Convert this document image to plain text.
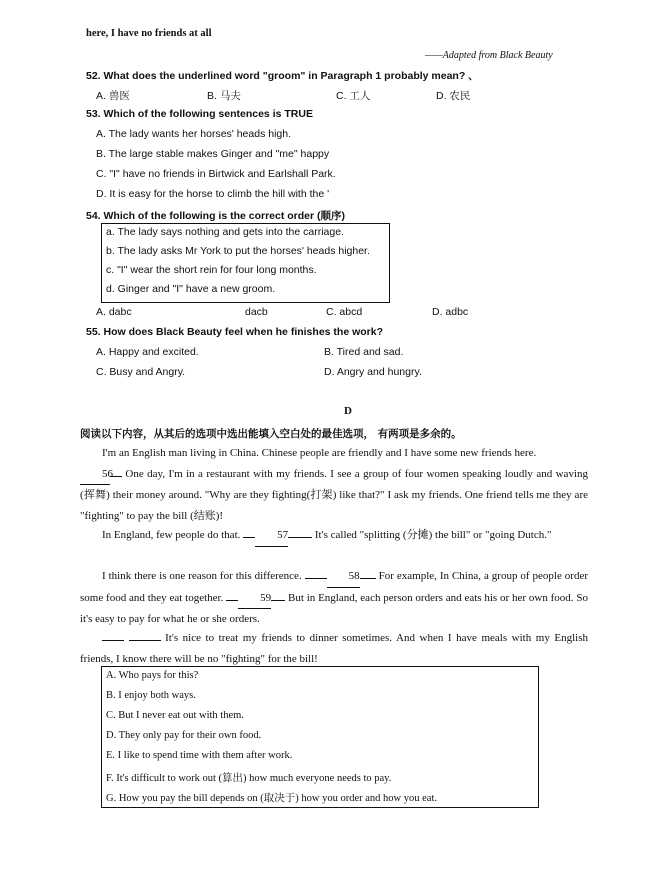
here, I have no friends at all
——Adapted from Black Beauty
52. What does the underlined word "groom" in Paragraph 1 probably mean? 、
A. 兽医	B. 马夫	C. 工人	D. 农民
53. Which of the following sentences is TRUE
A. The lady wants her horses' heads high.
B. The large stable makes Ginger and "me" happy
C. "I" have no friends in Birtwick and Earlshall Park.
D. It is easy for the horse to climb the hill with the '
54. Which of the following is the correct order (顺序)
a. The lady says nothing and gets into the carriage.
b. The lady asks Mr York to put the horses' heads higher.
c. "I" wear the short rein for four long months.
d. Ginger and "I" have a new groom.
A. dabc	dacb	C. abcd	D. adbc
55. How does Black Beauty feel when he finishes the work?
A. Happy and excited.	B. Tired and sad.
C. Busy and Angry.	D. Angry and hungry.
D
阅读以下内容，从其后的选项中选出能填入空白处的最佳选项， 有两项是多余的。
I'm an English man living in China. Chinese people are friendly and I have some new friends here.
56 One day, I'm in a restaurant with my friends. I see a group of four women speaking loudly and waving (挥舞) their money around. "Why are they fighting(打架) like that?" I ask my friends. One friend tells me they are "fighting" to pay the bill (结账)!
In England, few people do that.	57 It's called "splitting (分摊) the bill" or "going Dutch."
I think there is one reason for this difference.	58 For example, In China, a group of people order some food and they eat together.	59 But in England, each person orders and eats his or her own food. So it's easy to pay for what he or she orders.
It's nice to treat my friends to dinner sometimes. And when I have meals with my English friends, I know there will be no "fighting" for the bill!
A. Who pays for this?
B. I enjoy both ways.
C. But I never eat out with them.
D. They only pay for their own food.
E. I like to spend time with them after work.
F. It's difficult to work out (算出) how much everyone needs to pay.
G. How you pay the bill depends on (取决于) how you order and how you eat.
